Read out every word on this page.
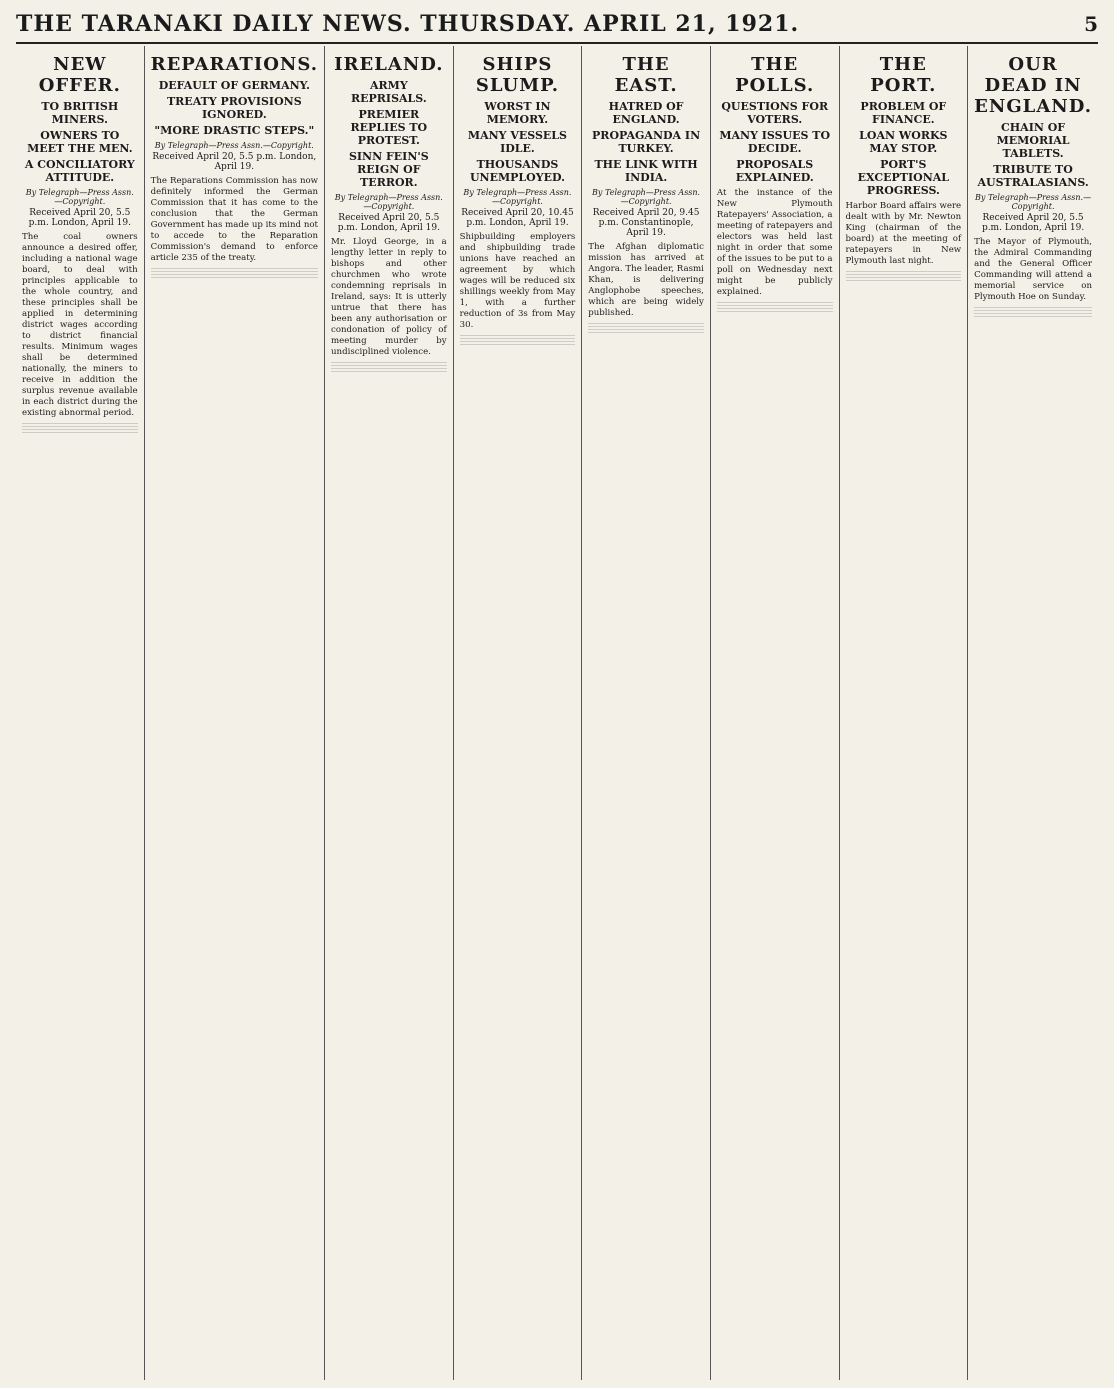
THE TARANAKI DAILY NEWS. THURSDAY. APRIL 21, 1921.	5
NEW OFFER.
TO BRITISH MINERS.
OWNERS TO MEET THE MEN.
A CONCILIATORY ATTITUDE.
By Telegraph—Press Assn.—Copyright.
Received April 20, 5.5 p.m. London, April 19.

The coal owners announce a desired offer, including a national wage board, to deal with principles applicable to the whole country, and these principles shall be applied in determining district wages according to district financial results. Minimum wages shall be determined nationally, the miners to receive in addition the surplus revenue available in each district during the existing abnormal period.

REPARATIONS.
DEFAULT OF GERMANY.
TREATY PROVISIONS IGNORED.
"MORE DRASTIC STEPS."
By Telegraph—Press Assn.—Copyright.
Received April 20, 5.5 p.m. London, April 19.

The Reparations Commission has now definitely informed the German Commission that it has come to the conclusion that the German Government has made up its mind not to accede to the Reparation Commission's demand to enforce article 235 of the treaty.

IRELAND.
ARMY REPRISALS.
PREMIER REPLIES TO PROTEST.
SINN FEIN'S REIGN OF TERROR.
By Telegraph—Press Assn.—Copyright.
Received April 20, 5.5 p.m. London, April 19.

Mr. Lloyd George, in a lengthy letter in reply to bishops and other churchmen who wrote condemning reprisals in Ireland, says: It is utterly untrue that there has been any authorisation or condonation of policy of meeting murder by undisciplined violence.

SHIPS SLUMP.
WORST IN MEMORY.
MANY VESSELS IDLE.
THOUSANDS UNEMPLOYED.
By Telegraph—Press Assn.—Copyright.
Received April 20, 10.45 p.m. London, April 19.

Shipbuilding employers and shipbuilding trade unions have reached an agreement by which wages will be reduced six shillings weekly from May 1, with a further reduction of 3s from May 30.

THE EAST.
HATRED OF ENGLAND.
PROPAGANDA IN TURKEY.
THE LINK WITH INDIA.
By Telegraph—Press Assn.—Copyright.
Received April 20, 9.45 p.m. Constantinople, April 19.

The Afghan diplomatic mission has arrived at Angora. The leader, Rasmi Khan, is delivering Anglophobe speeches, which are being widely published.

THE POLLS.
QUESTIONS FOR VOTERS.
MANY ISSUES TO DECIDE.
PROPOSALS EXPLAINED.

At the instance of the New Plymouth Ratepayers' Association, a meeting of ratepayers and electors was held last night in order that some of the issues to be put to a poll on Wednesday next might be publicly explained.

THE PORT.
PROBLEM OF FINANCE.
LOAN WORKS MAY STOP.
PORT'S EXCEPTIONAL PROGRESS.

Harbor Board affairs were dealt with by Mr. Newton King (chairman of the board) at the meeting of ratepayers in New Plymouth last night.

OUR DEAD IN ENGLAND.
CHAIN OF MEMORIAL TABLETS.
TRIBUTE TO AUSTRALASIANS.
By Telegraph—Press Assn.—Copyright.
Received April 20, 5.5 p.m. London, April 19.

The Mayor of Plymouth, the Admiral Commanding and the General Officer Commanding will attend a memorial service on Plymouth Hoe on Sunday.
